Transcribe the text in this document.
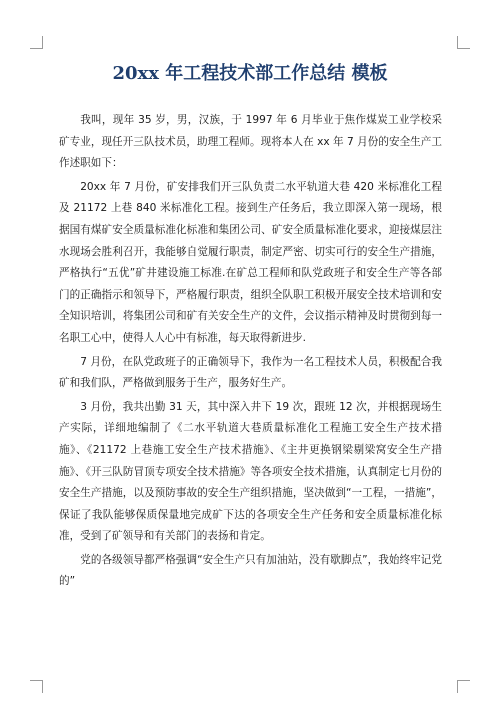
20xx 年工程技术部工作总结 模板

我叫，现年 35 岁，男，汉族，于 1997 年 6 月毕业于焦作煤炭工业学校采矿专业，现任开三队技术员，助理工程师。现将本人在 xx 年 7 月份的安全生产工作述职如下：

20xx 年 7 月份，矿安排我们开三队负责二水平轨道大巷 420 米标准化工程及 21172 上巷 840 米标准化工程。接到生产任务后，我立即深入第一现场，根据国有煤矿安全质量标准化标准和集团公司、矿安全质量标准化要求，迎接煤层注水现场会胜利召开，我能够自觉履行职责，制定严密、切实可行的安全生产措施，严格执行“五优”矿井建设施工标准.在矿总工程师和队党政班子和安全生产等各部门的正确指示和领导下，严格履行职责，组织全队职工积极开展安全技术培训和安全知识培训，将集团公司和矿有关安全生产的文件，会议指示精神及时贯彻到每一名职工心中，使得人人心中有标准，每天取得新进步.

7 月份，在队党政班子的正确领导下，我作为一名工程技术人员，积极配合我矿和我们队，严格做到服务于生产，服务好生产。

3 月份，我共出勤 31 天，其中深入井下 19 次，跟班 12 次，并根据现场生产实际，详细地编制了《二水平轨道大巷质量标准化工程施工安全生产技术措施》、《21172 上巷施工安全生产技术措施》、《主井更换钢梁剔梁窝安全生产措施》、《开三队防冒顶专项安全技术措施》等各项安全技术措施，认真制定七月份的安全生产措施，以及预防事故的安全生产组织措施，坚决做到“一工程，一措施”，保证了我队能够保质保量地完成矿下达的各项安全生产任务和安全质量标准化标准，受到了矿领导和有关部门的表扬和肯定。

党的各级领导都严格强调“安全生产只有加油站，没有歇脚点”，我始终牢记党的”
